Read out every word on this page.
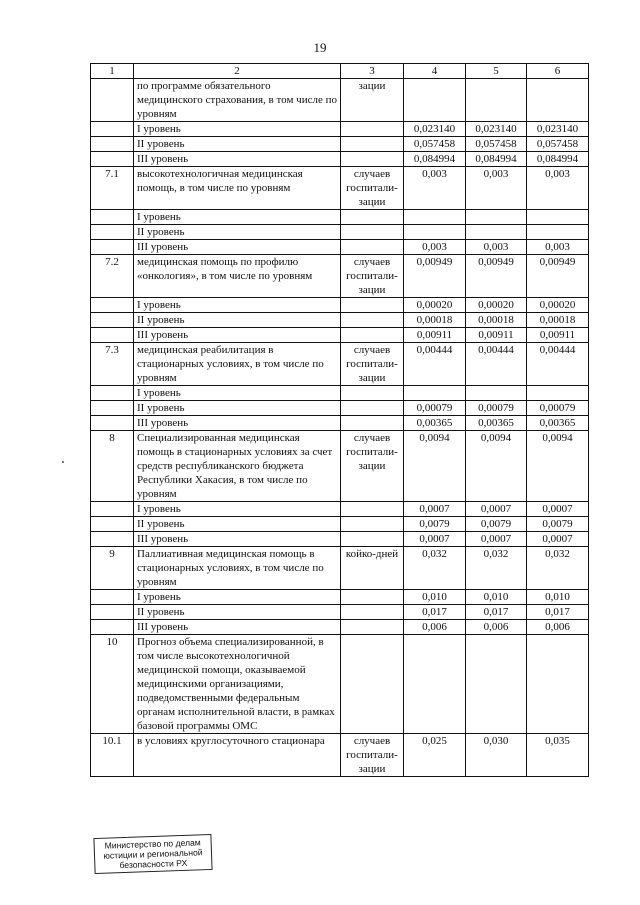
19
1	2	3	4	5	6
	по программе обязательного медицинского страхования, в том числе по уровням	зации			
	I уровень		0,023140	0,023140	0,023140
	II уровень		0,057458	0,057458	0,057458
	III уровень		0,084994	0,084994	0,084994
7.1	высокотехнологичная медицинская помощь, в том числе по уровням	случаев госпитали-зации	0,003	0,003	0,003
	I уровень				
	II уровень				
	III уровень		0,003	0,003	0,003
7.2	медицинская помощь по профилю «онкология», в том числе по уровням	случаев госпитали-зации	0,00949	0,00949	0,00949
	I уровень		0,00020	0,00020	0,00020
	II уровень		0,00018	0,00018	0,00018
	III уровень		0,00911	0,00911	0,00911
7.3	медицинская реабилитация в стационарных условиях, в том числе по уровням	случаев госпитали-зации	0,00444	0,00444	0,00444
	I уровень				
	II уровень		0,00079	0,00079	0,00079
	III уровень		0,00365	0,00365	0,00365
8	Специализированная медицинская помощь в стационарных условиях за счет средств республиканского бюджета Республики Хакасия, в том числе по уровням	случаев госпитали-зации	0,0094	0,0094	0,0094
	I уровень		0,0007	0,0007	0,0007
	II уровень		0,0079	0,0079	0,0079
	III уровень		0,0007	0,0007	0,0007
9	Паллиативная медицинская помощь в стационарных условиях, в том числе по уровням	койко-дней	0,032	0,032	0,032
	I уровень		0,010	0,010	0,010
	II уровень		0,017	0,017	0,017
	III уровень		0,006	0,006	0,006
10	Прогноз объема специализированной, в том числе высокотехнологичной медицинской помощи, оказываемой медицинскими организациями, подведомственными федеральным органам исполнительной власти, в рамках базовой программы ОМС				
10.1	в условиях круглосуточного стационара	случаев госпитали-зации	0,025	0,030	0,035
Министерство по делам
юстиции и региональной
безопасности РХ
